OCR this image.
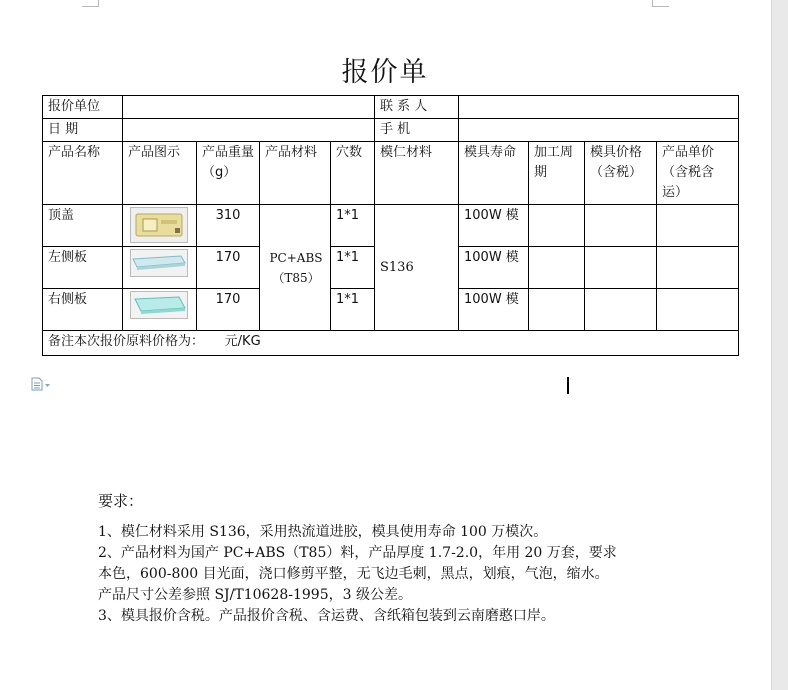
报价单
报价单位					联 系 人				
日 期					手 机				
产品名称	产品图示	产品重量（g）	产品材料	穴数	模仁材料	模具寿命	加工周期	模具价格（含税）	产品单价（含税含运）
顶盖		310	PC+ABS（T85）	1*1	S136	100W 模			
左侧板		170		1*1		100W 模			
右侧板		170		1*1		100W 模			
备注本次报价原料价格为：     元/KG									
要求：
1、模仁材料采用 S136，采用热流道进胶，模具使用寿命 100 万模次。
2、产品材料为国产 PC+ABS（T85）料，产品厚度 1.7-2.0，年用 20 万套，要求
本色，600-800 目光面，浇口修剪平整，无飞边毛刺，黑点，划痕，气泡，缩水。
产品尺寸公差参照 SJ/T10628-1995，3 级公差。
3、模具报价含税。产品报价含税、含运费、含纸箱包装到云南磨憨口岸。
